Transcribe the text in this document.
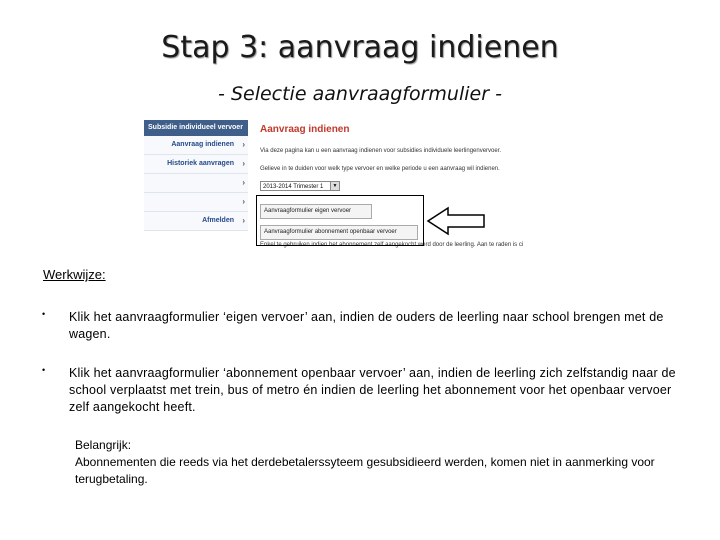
Stap 3: aanvraag indienen
- Selectie aanvraagformulier -
Subsidie individueel vervoer
Aanvraag indienen ›
Historiek aanvragen ›
›
›
Afmelden ›
Aanvraag indienen
Via deze pagina kan u een aanvraag indienen voor subsidies individuele leerlingenvervoer.
Gelieve in te duiden voor welk type vervoer en welke periode u een aanvraag wil indienen.
2013-2014 Trimester 1	▼
Aanvraagformulier eigen vervoer
Aanvraagformulier abonnement openbaar vervoer
Enkel te gebruiken indien het abonnement zelf aangekocht werd door de leerling. Aan te raden is ci
Werkwijze:
• Klik het aanvraagformulier ‘eigen vervoer’ aan, indien de ouders de leerling naar school brengen met de wagen.
• Klik het aanvraagformulier ‘abonnement openbaar vervoer’ aan, indien de leerling zich zelfstandig naar de school verplaatst met trein, bus of metro én indien de leerling het abonnement voor het openbaar vervoer zelf aangekocht heeft.
Belangrijk:
Abonnementen die reeds via het derdebetalerssyteem gesubsidieerd werden, komen niet in aanmerking voor terugbetaling.
